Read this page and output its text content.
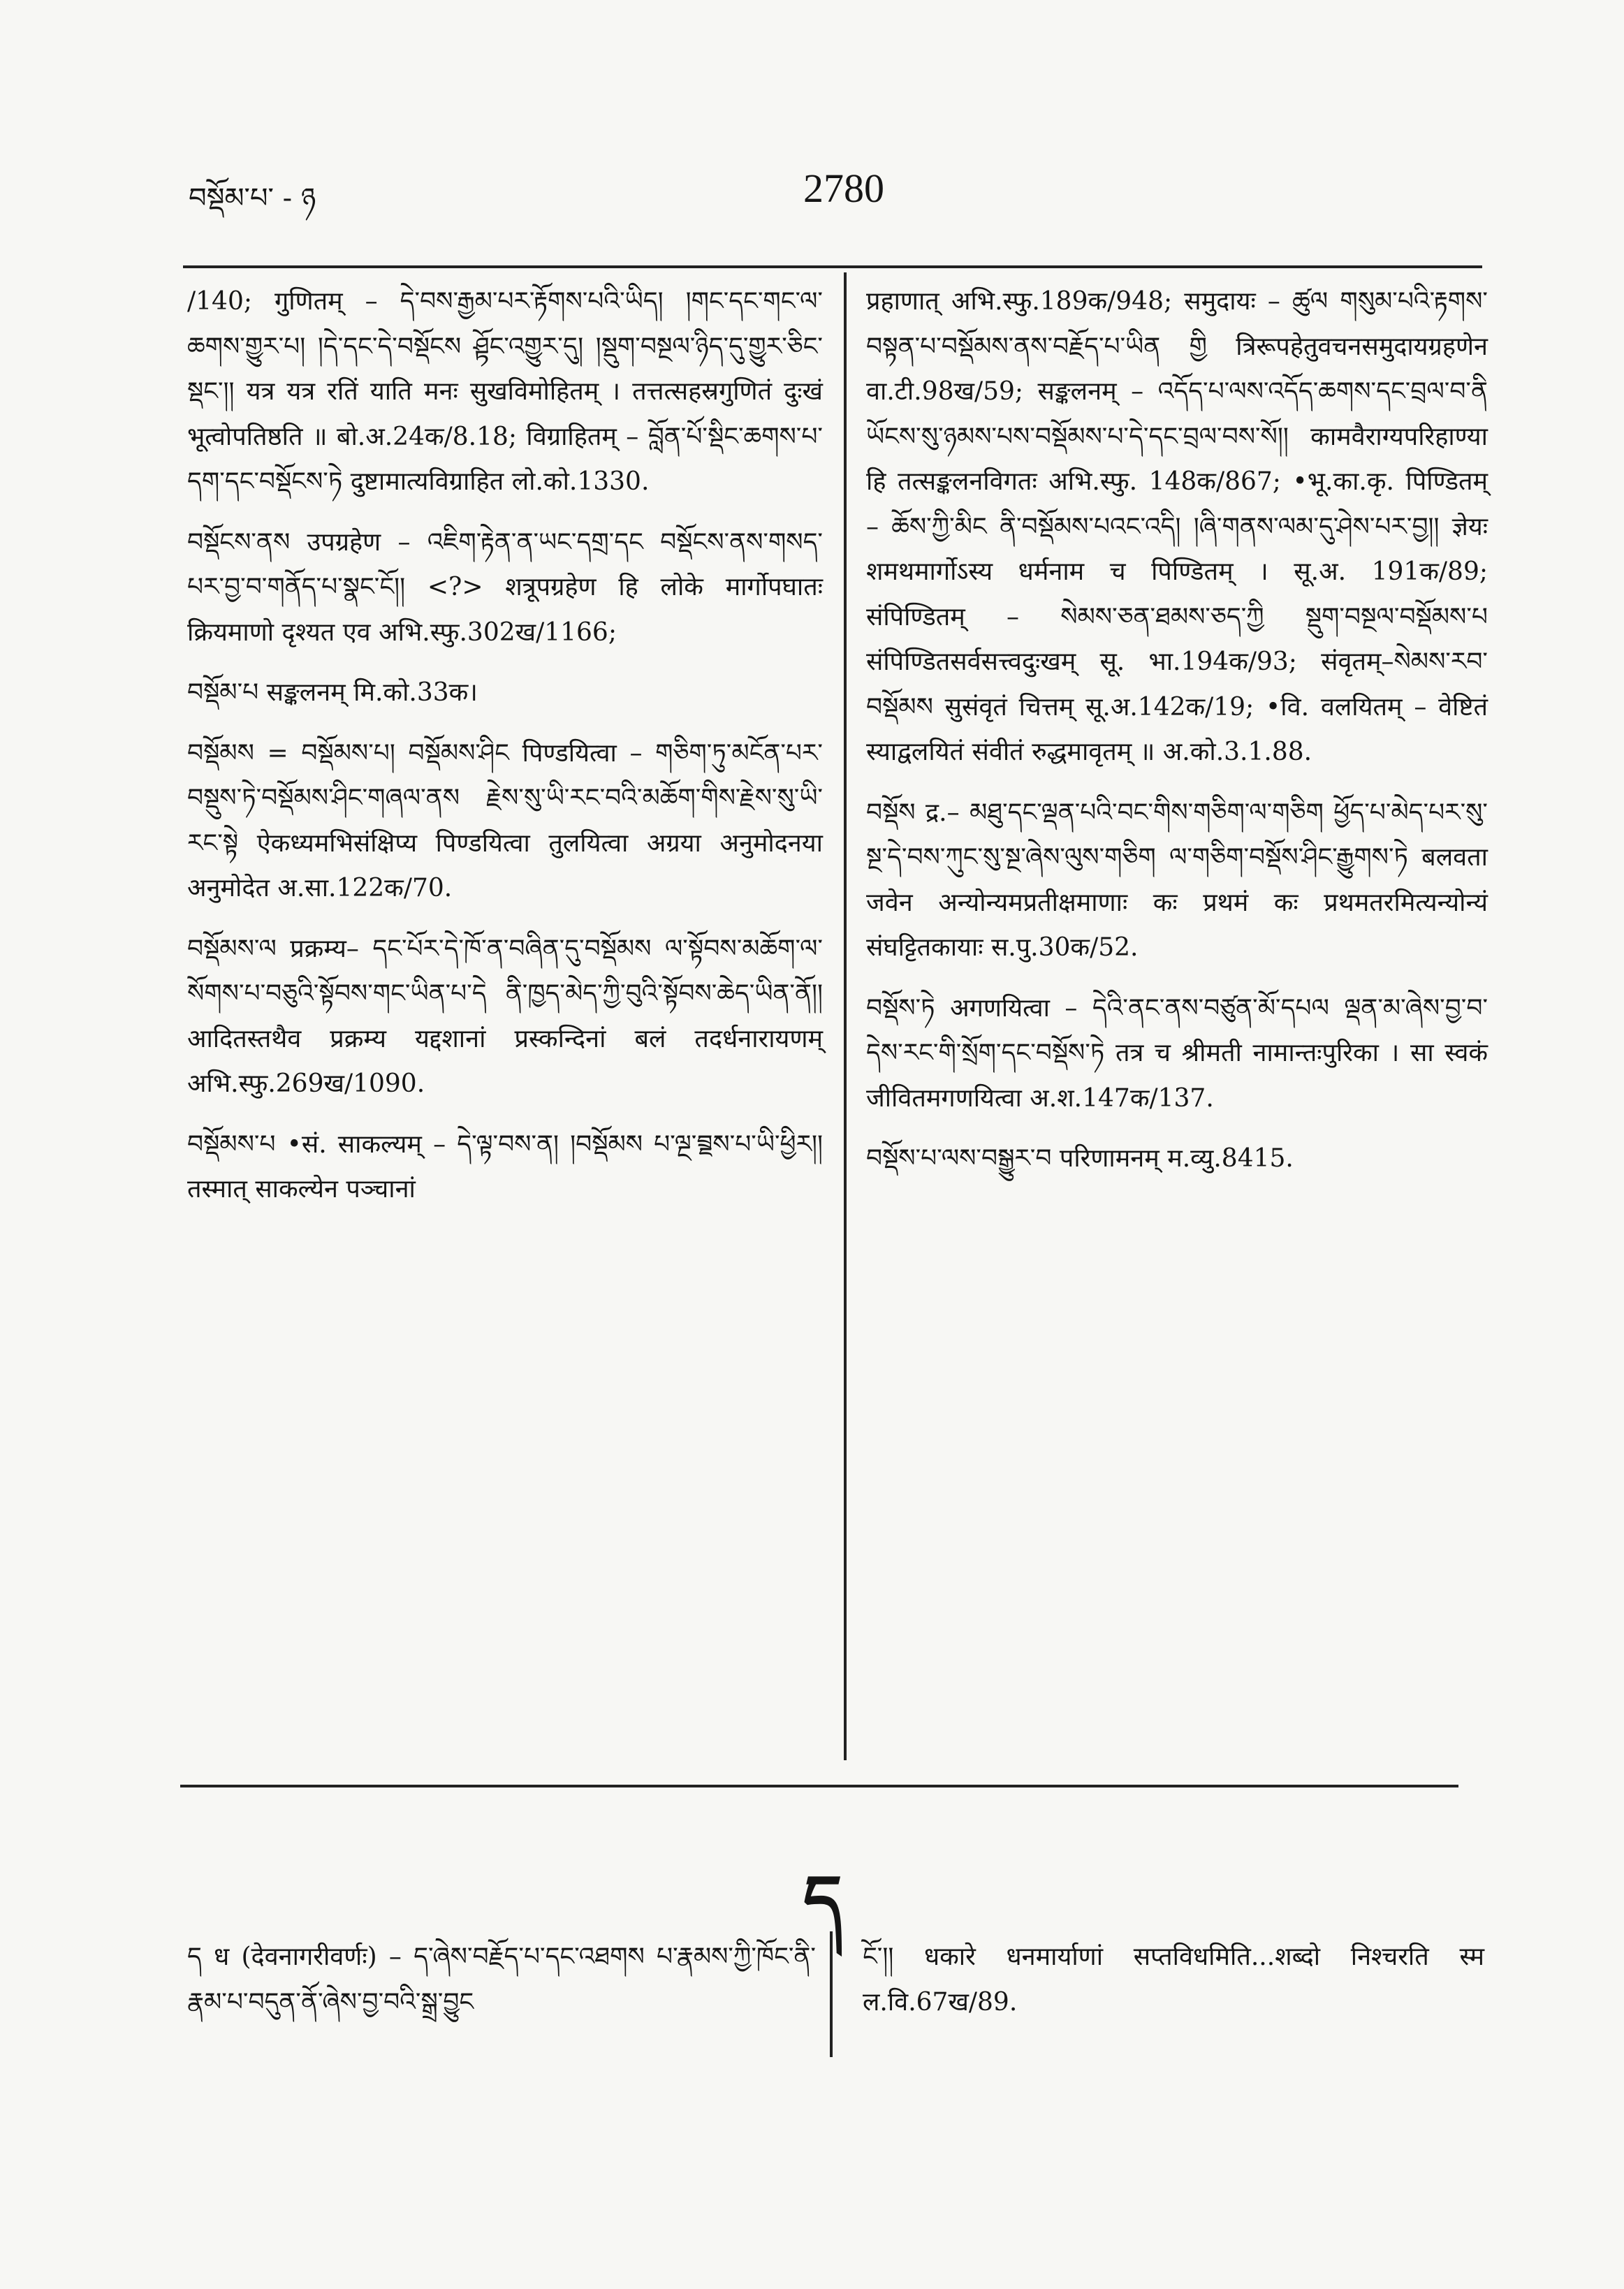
བསྡོམ་པ་ - ཉ	2780

/140; गुणितम् – དེ་བས་རྒྱམ་པར་རྟོགས་པའི་ཡིད། །གང་དང་གང་ལ་ཆགས་གྱུར་པ། །དེ་དང་དེ་བསྡོངས ཤྟོང་འགྱུར་དུ། །སྡུག་བསྔལ་ཉིད་དུ་གྱུར་ཅིང་སྡང་།། यत्र यत्र रतिं याति मनः सुखविमोहितम् । तत्तत्सहस्रगुणितं दुःखं भूत्वोपतिष्ठति ॥ बो.अ.24क/8.18; विग्राहितम् – བློན་པོ་སྡིང་ཆགས་པ་དག་དང་བསྡོངས་ཏེ दुष्टामात्यविग्राहित लो.को.1330.

བསྡོངས་ནས उपग्रहेण – འཇིག་རྟེན་ན་ཡང་དགྲ་དང བསྡོངས་ནས་གསད་པར་བྱ་བ་གནོད་པ་སྣང་ངོ།། <?> शत्रूपग्रहेण हि लोके मार्गोपघातः क्रियमाणो दृश्यत एव अभि.स्फु.302ख/1166;

བསྡོམ་པ सङ्कलनम् मि.को.33क।

བསྡོམས = བསྡོམས་པ། བསྡོམས་ཤིང पिण्डयित्वा – གཅིག་ཏུ་མངོན་པར་བསྡུས་ཏེ་བསྡོམས་ཤིང་གཞལ་ནས རྗེས་སུ་ཡི་རང་བའི་མཆོག་གིས་རྗེས་སུ་ཡི་རང་སྟེ ऐकध्यमभिसंक्षिप्य पिण्डयित्वा तुलयित्वा अग्रया अनुमोदनया अनुमोदेत अ.सा.122क/70.

བསྡོམས་ལ प्रक्रम्य– དང་པོར་དེ་ཁོ་ན་བཞིན་དུ་བསྡོམས ལ་སྟོབས་མཆོག་ལ་སོགས་པ་བཅུའི་སྟོབས་གང་ཡིན་པ་དེ ནི་ཁྱད་མེད་ཀྱི་བུའི་སྟོབས་ཆེད་ཡིན་ནོ།། आदितस्तथैव प्रक्रम्य यद्दशानां प्रस्कन्दिनां बलं तदर्धनारायणम् अभि.स्फु.269ख/1090.

བསྡོམས་པ •सं. साकल्यम् – དེ་ལྟ་བས་ན། །བསྡོམས པ་ལྔ་བྲྡས་པ་ཡི་ཕྱིར།། तस्मात् साकल्येन पञ्चानां

प्रहाणात् अभि.स्फु.189क/948; समुदायः – ཚུལ གསུམ་པའི་རྟགས་བསྟན་པ་བསྡོམས་ནས་བརྗོད་པ་ཡིན གྱི त्रिरूपहेतुवचनसमुदायग्रहणेन वा.टी.98ख/59; सङ्कलनम् – འདོད་པ་ལས་འདོད་ཆགས་དང་བྲལ་བ་ནི ཡོངས་སུ་ཉམས་པས་བསྡོམས་པ་དེ་དང་བྲལ་བས་སོ།། कामवैराग्यपरिहाण्या हि तत्सङ्कलनविगतः अभि.स्फु. 148क/867; •भू.का.कृ. पिण्डितम् – ཆོས་ཀྱི་མིང ནི་བསྡོམས་པའང་འདི། །ཞི་གནས་ལམ་དུ་ཤེས་པར་བྱ།། ज्ञेयः शमथमार्गोऽस्य धर्मनाम च पिण्डितम् । सू.अ. 191क/89; संपिण्डितम् – སེམས་ཅན་ཐམས་ཅད་ཀྱི སྡུག་བསྔལ་བསྡོམས་པ संपिण्डितसर्वसत्त्वदुःखम् सू. भा.194क/93; संवृतम्–སེམས་རབ་བསྡོམས सुसंवृतं चित्तम् सू.अ.142क/19; •वि. वलयितम् – वेष्टितं स्याद्वलयितं संवीतं रुद्धमावृतम् ॥ अ.को.3.1.88.

བསྡོས द्र.– མཐུ་དང་ལྡན་པའི་བང་གིས་གཅིག་ལ་གཅིག ཕྱོད་པ་མེད་པར་སུ་སྔ་དེ་བས་ཀུང་སུ་སྔ་ཞེས་ལུས་གཅིག ལ་གཅིག་བསྡོས་ཤིང་རྒྱུགས་ཏེ बलवता जवेन अन्योन्यमप्रतीक्षमाणाः कः प्रथमं कः प्रथमतरमित्यन्योन्यं संघट्टितकायाः स.पु.30क/52.

བསྡོས་ཏེ अगणयित्वा – དེའི་ནང་ནས་བཙུན་མོ་དཔལ ལྡན་མ་ཞེས་བྱ་བ་དེས་རང་གི་སྲོག་དང་བསྡོས་ཏེ तत्र च श्रीमती नामान्तःपुरिका । सा स्वकं जीवितमगणयित्वा अ.श.147क/137.

བསྡོས་པ་ལས་བསྒྱུར་བ परिणामनम् म.व्यु.8415.

ད

ད ध (देवनागरीवर्णः) – ད་ཞེས་བརྗོད་པ་དང་འཐགས པ་རྣམས་ཀྱི་ཁོང་ནི་རྣམ་པ་བདུན་ནོ་ཞེས་བྱ་བའི་སྒྲ་བྱུང

ངོ་།། धकारे धनमार्याणां सप्तविधमिति...शब्दो निश्चरति स्म ल.वि.67ख/89.
